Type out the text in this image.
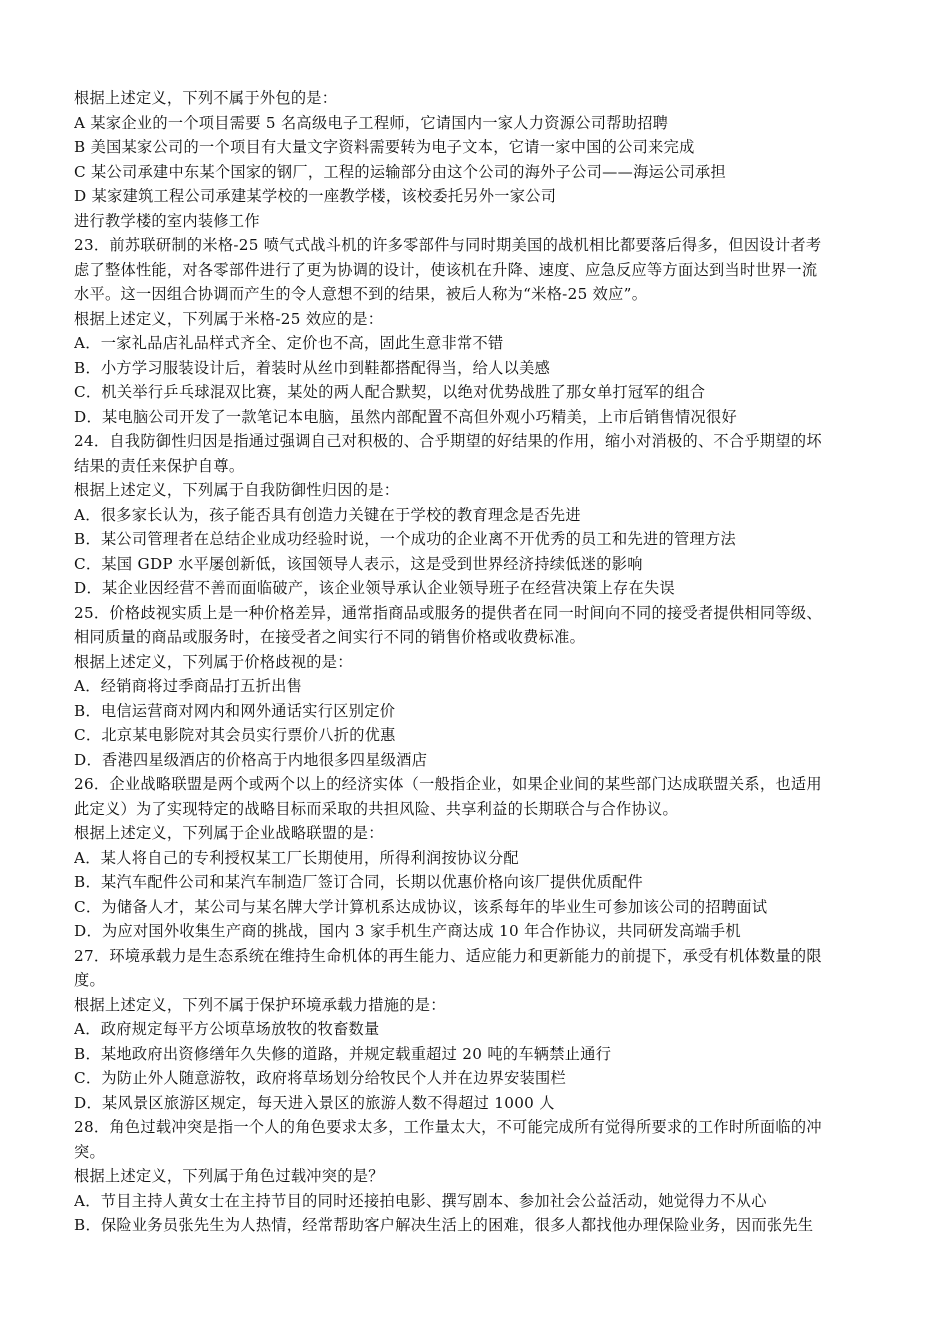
根据上述定义，下列不属于外包的是：
A 某家企业的一个项目需要 5 名高级电子工程师，它请国内一家人力资源公司帮助招聘
B 美国某家公司的一个项目有大量文字资料需要转为电子文本，它请一家中国的公司来完成
C 某公司承建中东某个国家的钢厂，工程的运输部分由这个公司的海外子公司——海运公司承担
D 某家建筑工程公司承建某学校的一座教学楼，该校委托另外一家公司
进行教学楼的室内装修工作
23．前苏联研制的米格-25 喷气式战斗机的许多零部件与同时期美国的战机相比都要落后得多，但因设计者考
虑了整体性能，对各零部件进行了更为协调的设计，使该机在升降、速度、应急反应等方面达到当时世界一流
水平。这一因组合协调而产生的令人意想不到的结果，被后人称为“米格-25 效应”。
根据上述定义，下列属于米格-25 效应的是：
A．一家礼品店礼品样式齐全、定价也不高，固此生意非常不错
B．小方学习服装设计后，着装时从丝巾到鞋都搭配得当，给人以美感
C．机关举行乒乓球混双比赛，某处的两人配合默契，以绝对优势战胜了那女单打冠军的组合
D．某电脑公司开发了一款笔记本电脑，虽然内部配置不高但外观小巧精美，上市后销售情况很好
24．自我防御性归因是指通过强调自己对积极的、合乎期望的好结果的作用，缩小对消极的、不合乎期望的坏
结果的责任来保护自尊。
根据上述定义，下列属于自我防御性归因的是：
A．很多家长认为，孩子能否具有创造力关键在于学校的教育理念是否先进
B．某公司管理者在总结企业成功经验时说，一个成功的企业离不开优秀的员工和先进的管理方法
C．某国 GDP 水平屡创新低，该国领导人表示，这是受到世界经济持续低迷的影响
D．某企业因经营不善而面临破产，该企业领导承认企业领导班子在经营决策上存在失误
25．价格歧视实质上是一种价格差异，通常指商品或服务的提供者在同一时间向不同的接受者提供相同等级、
相同质量的商品或服务时，在接受者之间实行不同的销售价格或收费标准。
根据上述定义，下列属于价格歧视的是：
A．经销商将过季商品打五折出售
B．电信运营商对网内和网外通话实行区别定价
C．北京某电影院对其会员实行票价八折的优惠
D．香港四星级酒店的价格高于内地很多四星级酒店
26．企业战略联盟是两个或两个以上的经济实体（一般指企业，如果企业间的某些部门达成联盟关系，也适用
此定义）为了实现特定的战略目标而采取的共担风险、共享利益的长期联合与合作协议。
根据上述定义，下列属于企业战略联盟的是：
A．某人将自己的专利授权某工厂长期使用，所得利润按协议分配
B．某汽车配件公司和某汽车制造厂签订合同，长期以优惠价格向该厂提供优质配件
C．为储备人才，某公司与某名牌大学计算机系达成协议，该系每年的毕业生可参加该公司的招聘面试
D．为应对国外收集生产商的挑战，国内 3 家手机生产商达成 10 年合作协议，共同研发高端手机
27．环境承载力是生态系统在维持生命机体的再生能力、适应能力和更新能力的前提下，承受有机体数量的限
度。
根据上述定义，下列不属于保护环境承载力措施的是：
A．政府规定每平方公顷草场放牧的牧畜数量
B．某地政府出资修缮年久失修的道路，并规定载重超过 20 吨的车辆禁止通行
C．为防止外人随意游牧，政府将草场划分给牧民个人并在边界安装围栏
D．某风景区旅游区规定，每天进入景区的旅游人数不得超过 1000 人
28．角色过载冲突是指一个人的角色要求太多，工作量太大，不可能完成所有觉得所要求的工作时所面临的冲
突。
根据上述定义，下列属于角色过载冲突的是？
A．节目主持人黄女士在主持节目的同时还接拍电影、撰写剧本、参加社会公益活动，她觉得力不从心
B．保险业务员张先生为人热情，经常帮助客户解决生活上的困难，很多人都找他办理保险业务，因而张先生
